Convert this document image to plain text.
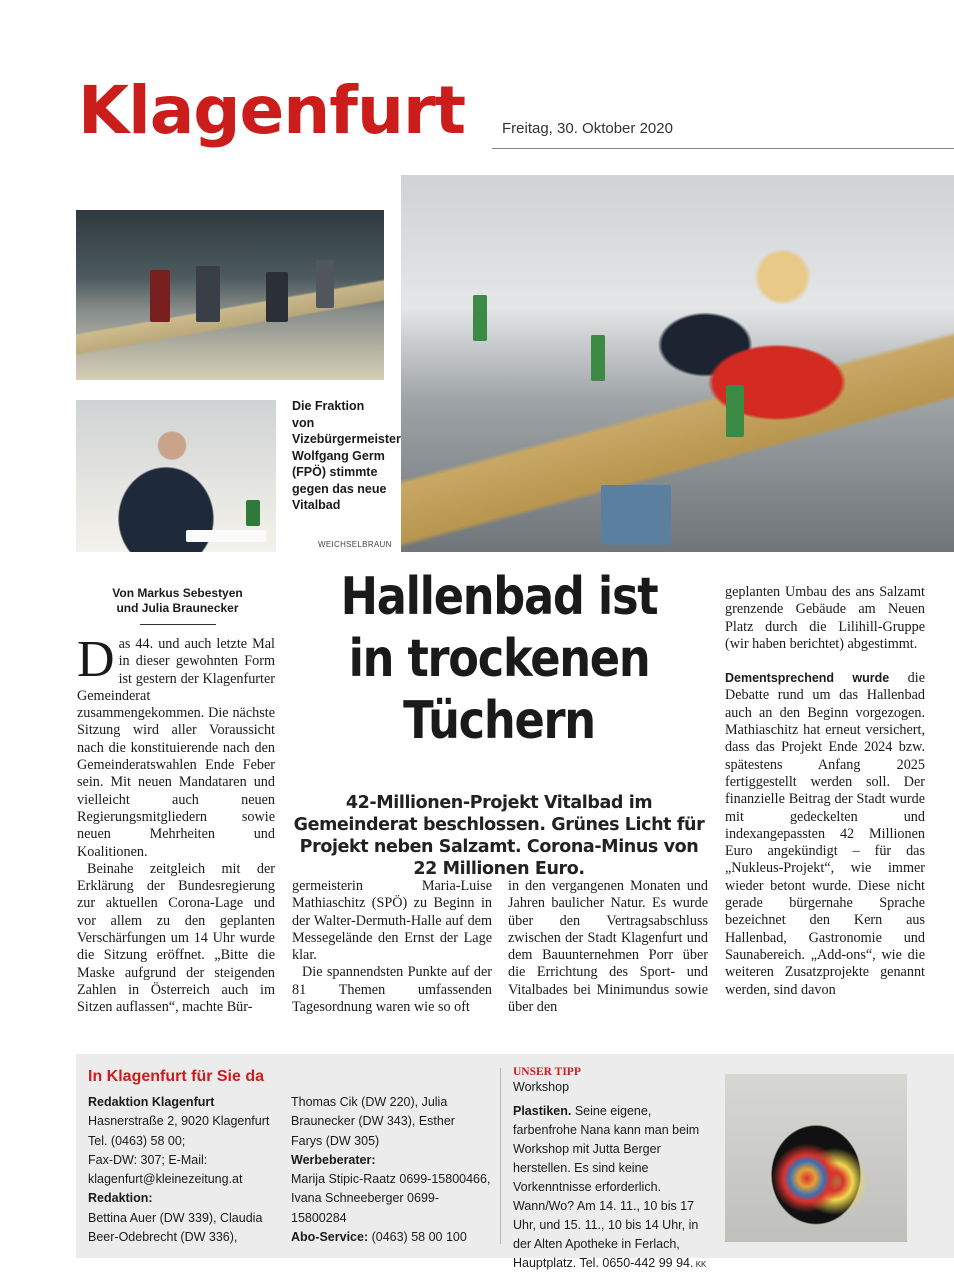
Klagenfurt Freitag, 30. Oktober 2020
Die Fraktion von Vizebürgermeister Wolfgang Germ (FPÖ) stimmte gegen das neue Vitalbad
WEICHSELBRAUN
Von Markus Sebestyen
und Julia Braunecker
D as 44. und auch letzte Mal in dieser gewohnten Form ist gestern der Klagenfurter Gemeinderat zusammengekommen. Die nächste Sitzung wird aller Voraussicht nach die konstituierende nach den Gemeinderatswahlen Ende Feber sein. Mit neuen Mandataren und vielleicht auch neuen Regierungsmitgliedern sowie neuen Mehrheiten und Koalitionen.

Beinahe zeitgleich mit der Erklärung der Bundesregierung zur aktuellen Corona-Lage und vor allem zu den geplanten Verschärfungen um 14 Uhr wurde die Sitzung eröffnet. „Bitte die Maske aufgrund der steigenden Zahlen in Österreich auch im Sitzen auflassen“, machte Bür-

Hallenbad ist in trockenen Tüchern
42-Millionen-Projekt Vitalbad im Gemeinderat beschlossen. Grünes Licht für Projekt neben Salzamt. Corona-Minus von 22 Millionen Euro.

germeisterin Maria-Luise Mathiaschitz (SPÖ) zu Beginn in der Walter-Dermuth-Halle auf dem Messegelände den Ernst der Lage klar.

Die spannendsten Punkte auf der 81 Themen umfassenden Tagesordnung waren wie so oft

in den vergangenen Monaten und Jahren baulicher Natur. Es wurde über den Vertragsabschluss zwischen der Stadt Klagenfurt und dem Bauunternehmen Porr über die Errichtung des Sport- und Vitalbades bei Minimundus sowie über den

geplanten Umbau des ans Salzamt grenzende Gebäude am Neuen Platz durch die Lilihill-Gruppe (wir haben berichtet) abgestimmt.

Dementsprechend wurde die Debatte rund um das Hallenbad auch an den Beginn vorgezogen. Mathiaschitz hat erneut versichert, dass das Projekt Ende 2024 bzw. spätestens Anfang 2025 fertiggestellt werden soll. Der finanzielle Beitrag der Stadt wurde mit gedeckelten und indexangepassten 42 Millionen Euro angekündigt – für das „Nukleus-Projekt“, wie immer wieder betont wurde. Diese nicht gerade bürgernahe Sprache bezeichnet den Kern aus Hallenbad, Gastronomie und Saunabereich. „Add-ons“, wie die weiteren Zusatzprojekte genannt werden, sind davon

In Klagenfurt für Sie da
Redaktion Klagenfurt
Hasnerstraße 2, 9020 Klagenfurt
Tel. (0463) 58 00;
Fax-DW: 307; E-Mail:
klagenfurt@kleinezeitung.at
Redaktion:
Bettina Auer (DW 339), Claudia
Beer-Odebrecht (DW 336),
Thomas Cik (DW 220), Julia
Braunecker (DW 343), Esther
Farys (DW 305)
Werbeberater:
Marija Stipic-Raatz 0699-15800466,
Ivana Schneeberger 0699-
15800284
Abo-Service: (0463) 58 00 100
UNSER TIPP
Workshop
Plastiken. Seine eigene, farbenfrohe Nana kann man beim Workshop mit Jutta Berger herstellen. Es sind keine Vorkenntnisse erforderlich. Wann/Wo? Am 14. 11., 10 bis 17 Uhr, und 15. 11., 10 bis 14 Uhr, in der Alten Apotheke in Ferlach, Hauptplatz. Tel. 0650-442 99 94. KK
